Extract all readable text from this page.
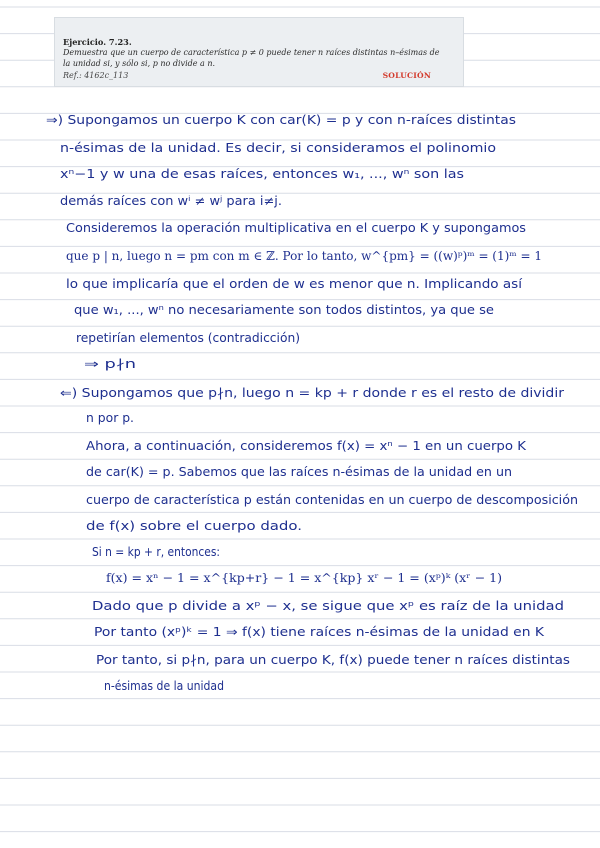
Ejercicio. 7.23.
Demuestra que un cuerpo de característica p ≠ 0 puede tener n raíces distintas n–ésimas de la unidad si, y sólo si, p no divide a n.
Ref.: 4162c_113	SOLUCIÓN
⇒) Supongamos un cuerpo K con car(K) = p y con n-raíces distintas
n-ésimas de la unidad. Es decir, si consideramos el polinomio
xⁿ−1 y w una de esas raíces, entonces w₁, ..., wⁿ son las
demás raíces con wⁱ ≠ wʲ para i≠j.
Consideremos la operación multiplicativa en el cuerpo K y supongamos
que p | n, luego n = pm con m ∈ ℤ. Por lo tanto, w^{pm} = ((w)ᵖ)ᵐ = (1)ᵐ = 1
lo que implicaría que el orden de w es menor que n. Implicando así
que w₁, ..., wⁿ no necesariamente son todos distintos, ya que se
repetirían elementos (contradicción)
⇒ p∤n
⇐) Supongamos que p∤n, luego n = kp + r donde r es el resto de dividir
n por p.
Ahora, a continuación, consideremos f(x) = xⁿ − 1 en un cuerpo K
de car(K) = p. Sabemos que las raíces n-ésimas de la unidad en un
cuerpo de característica p están contenidas en un cuerpo de descomposición
de f(x) sobre el cuerpo dado.
Si n = kp + r, entonces:
f(x) = xⁿ − 1 = x^{kp+r} − 1 = x^{kp} xʳ − 1 = (xᵖ)ᵏ (xʳ − 1)
Dado que p divide a xᵖ − x, se sigue que xᵖ es raíz de la unidad
Por tanto (xᵖ)ᵏ = 1 ⇒ f(x) tiene raíces n-ésimas de la unidad en K
Por tanto, si p∤n, para un cuerpo K, f(x) puede tener n raíces distintas
n-ésimas de la unidad
